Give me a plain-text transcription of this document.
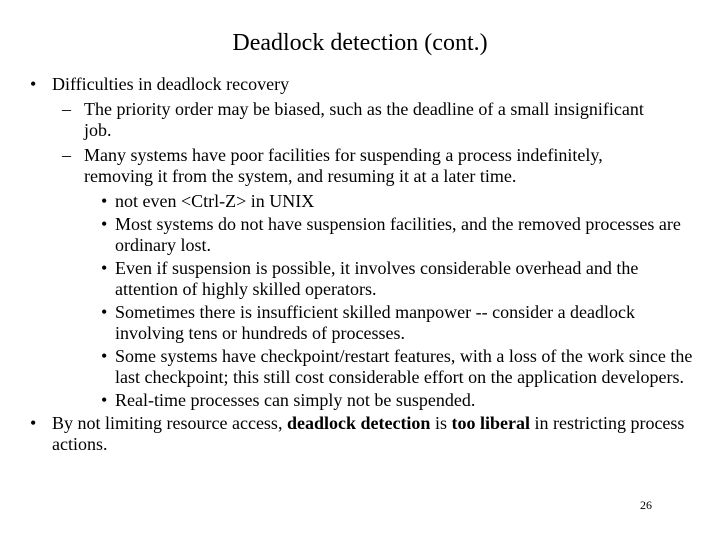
Deadlock detection (cont.)
• Difficulties in deadlock recovery
– The priority order may be biased, such as the deadline of a small insignificant job.
– Many systems have poor facilities for suspending a process indefinitely, removing it from the system, and resuming it at a later time.
• not even <Ctrl-Z> in UNIX
• Most systems do not have suspension facilities, and the removed processes are ordinary lost.
• Even if suspension is possible, it involves considerable overhead and the attention of highly skilled operators.
• Sometimes there is insufficient skilled manpower -- consider a deadlock involving tens or hundreds of processes.
• Some systems have checkpoint/restart features, with a loss of the work since the last checkpoint; this still cost considerable effort on the application developers.
• Real-time processes can simply not be suspended.
• By not limiting resource access, deadlock detection is too liberal in restricting process actions.
26
